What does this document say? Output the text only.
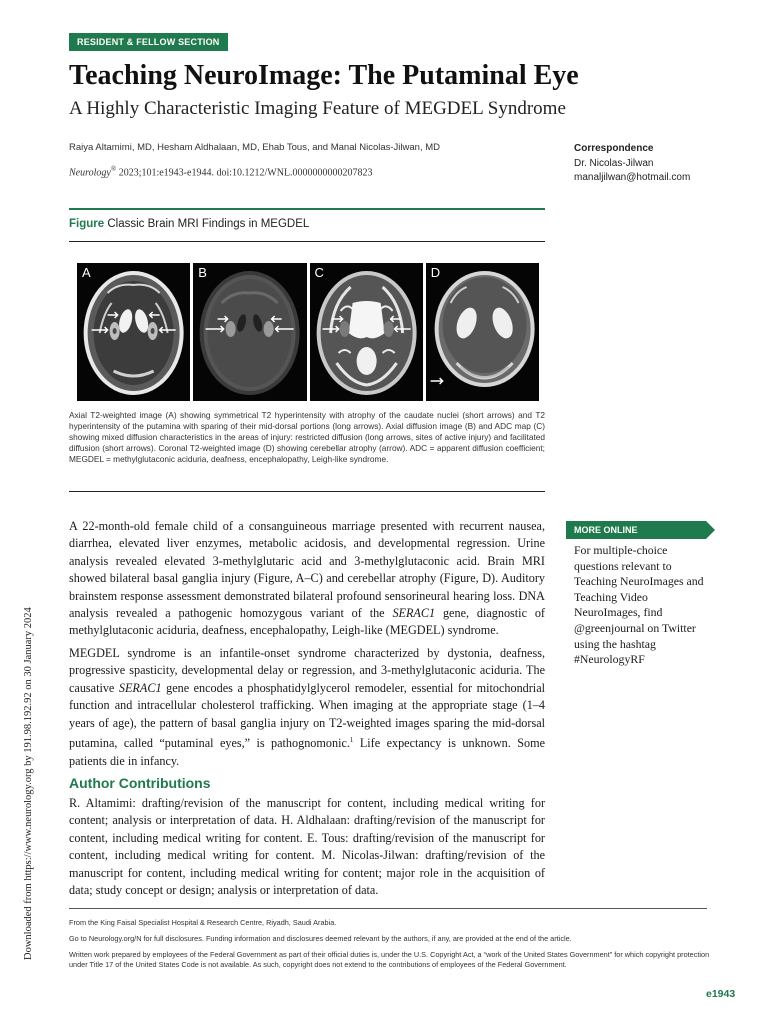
RESIDENT & FELLOW SECTION
Teaching NeuroImage: The Putaminal Eye
A Highly Characteristic Imaging Feature of MEGDEL Syndrome
Raiya Altamimi, MD, Hesham Aldhalaan, MD, Ehab Tous, and Manal Nicolas-Jilwan, MD
Neurology® 2023;101:e1943-e1944. doi:10.1212/WNL.0000000000207823
Correspondence
Dr. Nicolas-Jilwan
manaljilwan@hotmail.com
Figure Classic Brain MRI Findings in MEGDEL
A	B	C	D
Axial T2-weighted image (A) showing symmetrical T2 hyperintensity with atrophy of the caudate nuclei (short arrows) and T2 hyperintensity of the putamina with sparing of their mid-dorsal portions (long arrows). Axial diffusion image (B) and ADC map (C) showing mixed diffusion characteristics in the areas of injury: restricted diffusion (long arrows, sites of active injury) and facilitated diffusion (short arrows). Coronal T2-weighted image (D) showing cerebellar atrophy (arrow). ADC = apparent diffusion coefficient; MEGDEL = methylglutaconic aciduria, deafness, encephalopathy, Leigh-like syndrome.
A 22-month-old female child of a consanguineous marriage presented with recurrent nausea, diarrhea, elevated liver enzymes, metabolic acidosis, and developmental regression. Urine analysis revealed elevated 3-methylglutaric acid and 3-methylglutaconic acid. Brain MRI showed bilateral basal ganglia injury (Figure, A–C) and cerebellar atrophy (Figure, D). Auditory brainstem response assessment demonstrated bilateral profound sensorineural hearing loss. DNA analysis revealed a pathogenic homozygous variant of the SERAC1 gene, diagnostic of methylglutaconic aciduria, deafness, encephalopathy, Leigh-like (MEGDEL) syndrome.
MEGDEL syndrome is an infantile-onset syndrome characterized by dystonia, deafness, progressive spasticity, developmental delay or regression, and 3-methylglutaconic aciduria. The causative SERAC1 gene encodes a phosphatidylglycerol remodeler, essential for mitochondrial function and intracellular cholesterol trafficking. When imaging at the appropriate stage (1–4 years of age), the pattern of basal ganglia injury on T2-weighted images sparing the mid-dorsal putamina, called “putaminal eyes,” is pathognomonic.$^1$ Life expectancy is unknown. Some patients die in infancy.
Author Contributions
R. Altamimi: drafting/revision of the manuscript for content, including medical writing for content; analysis or interpretation of data. H. Aldhalaan: drafting/revision of the manuscript for content, including medical writing for content. E. Tous: drafting/revision of the manuscript for content, including medical writing for content. M. Nicolas-Jilwan: drafting/revision of the manuscript for content, including medical writing for content; major role in the acquisition of data; study concept or design; analysis or interpretation of data.
MORE ONLINE
For multiple-choice questions relevant to Teaching NeuroImages and Teaching Video NeuroImages, find @greenjournal on Twitter using the hashtag #NeurologyRF
Downloaded from https://www.neurology.org by 191.98.192.92 on 30 January 2024	From the King Faisal Specialist Hospital & Research Centre, Riyadh, Saudi Arabia.
Go to Neurology.org/N for full disclosures. Funding information and disclosures deemed relevant by the authors, if any, are provided at the end of the article.
Written work prepared by employees of the Federal Government as part of their official duties is, under the U.S. Copyright Act, a “work of the United States Government” for which copyright protection under Title 17 of the United States Code is not available. As such, copyright does not extend to the contributions of employees of the Federal Government.
e1943
